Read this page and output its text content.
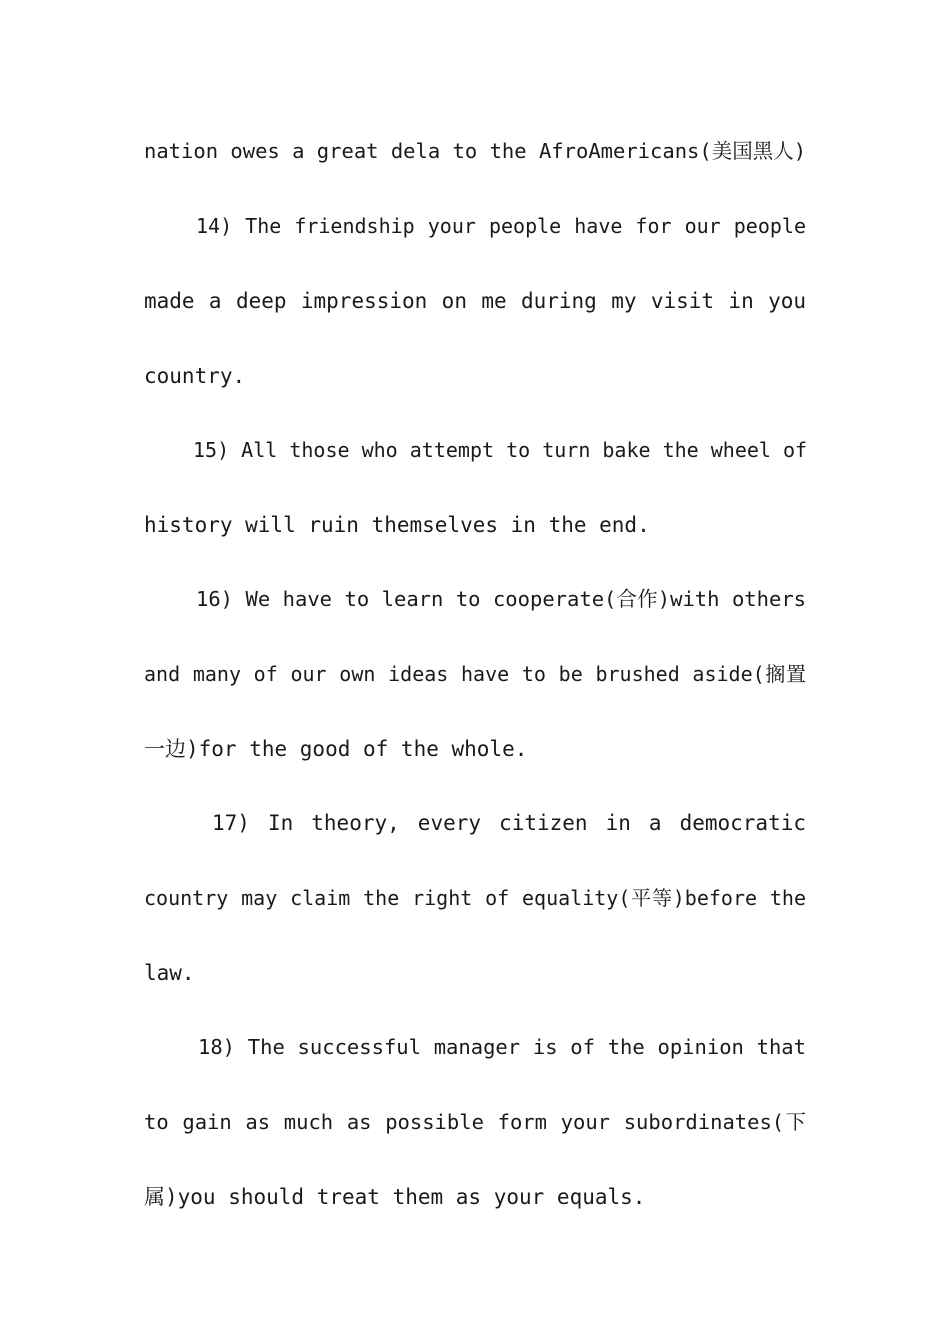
nation owes a great dela to the AfroAmericans(美国黑人)
14) The friendship your people have for our people
made a deep impression on me during my visit in you
country.
15) All those who attempt to turn bake the wheel of
history will ruin themselves in the end.
16) We have to learn to cooperate(合作)with others
and many of our own ideas have to be brushed aside(搁置
一边)for the good of the whole.
17) In theory, every citizen in a democratic
country may claim the right of equality(平等)before the
law.
18) The successful manager is of the opinion that
to gain as much as possible form your subordinates(下
属)you should treat them as your equals.
